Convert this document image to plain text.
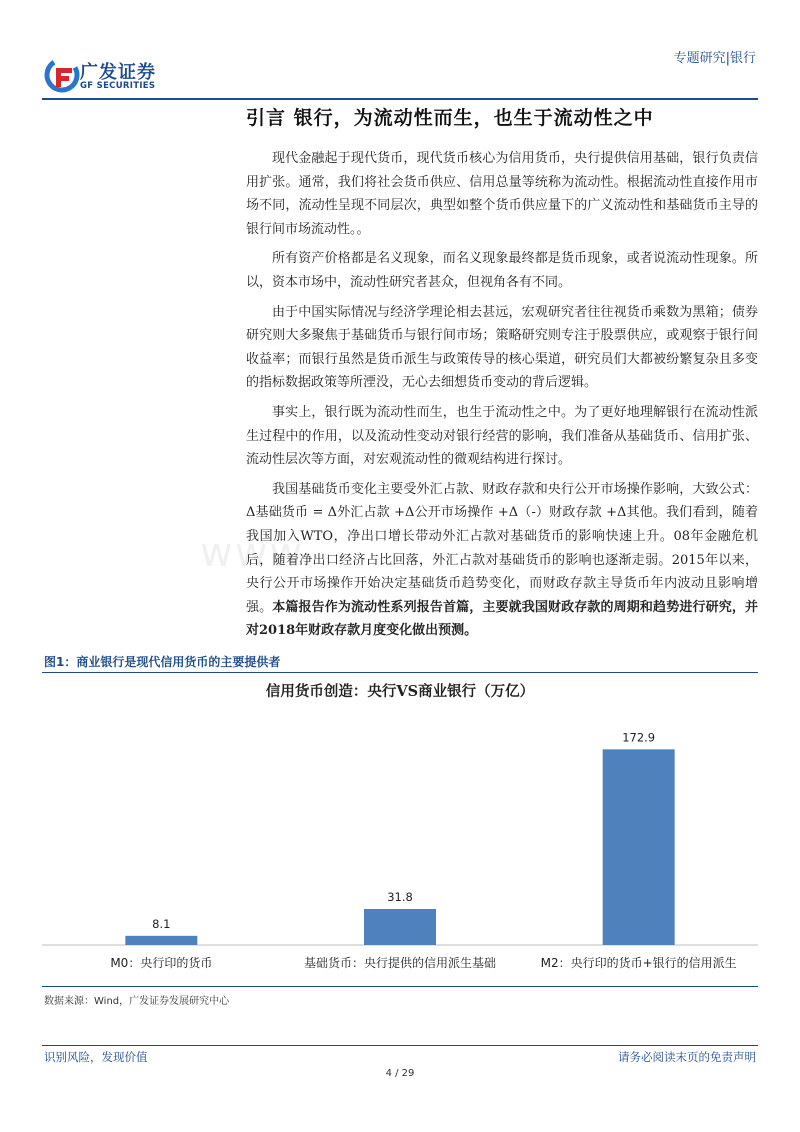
广发证券
GF SECURITIES
专题研究|银行
引言 银行，为流动性而生，也生于流动性之中

现代金融起于现代货币，现代货币核心为信用货币，央行提供信用基础，银行负责信用扩张。通常，我们将社会货币供应、信用总量等统称为流动性。根据流动性直接作用市场不同，流动性呈现不同层次，典型如整个货币供应量下的广义流动性和基础货币主导的银行间市场流动性。。

所有资产价格都是名义现象，而名义现象最终都是货币现象，或者说流动性现象。所以，资本市场中，流动性研究者甚众，但视角各有不同。

由于中国实际情况与经济学理论相去甚远，宏观研究者往往视货币乘数为黑箱；债券研究则大多聚焦于基础货币与银行间市场；策略研究则专注于股票供应，或观察于银行间收益率；而银行虽然是货币派生与政策传导的核心渠道，研究员们大都被纷繁复杂且多变的指标数据政策等所湮没，无心去细想货币变动的背后逻辑。

事实上，银行既为流动性而生，也生于流动性之中。为了更好地理解银行在流动性派生过程中的作用，以及流动性变动对银行经营的影响，我们准备从基础货币、信用扩张、流动性层次等方面，对宏观流动性的微观结构进行探讨。

我国基础货币变化主要受外汇占款、财政存款和央行公开市场操作影响，大致公式：Δ基础货币 = Δ外汇占款 +Δ公开市场操作 +Δ（-）财政存款 +Δ其他。我们看到，随着我国加入WTO，净出口增长带动外汇占款对基础货币的影响快速上升。08年金融危机后，随着净出口经济占比回落，外汇占款对基础货币的影响也逐渐走弱。2015年以来，央行公开市场操作开始决定基础货币趋势变化，而财政存款主导货币年内波动且影响增强。本篇报告作为流动性系列报告首篇，主要就我国财政存款的周期和趋势进行研究，并对2018年财政存款月度变化做出预测。

www.
图1：商业银行是现代信用货币的主要提供者
信用货币创造：央行VS商业银行（万亿）
8.1
M0：央行印的货币
31.8
基础货币：央行提供的信用派生基础
172.9
M2：央行印的货币+银行的信用派生
数据来源：Wind，广发证券发展研究中心
识别风险，发现价值	请务必阅读末页的免责声明
4 / 29
